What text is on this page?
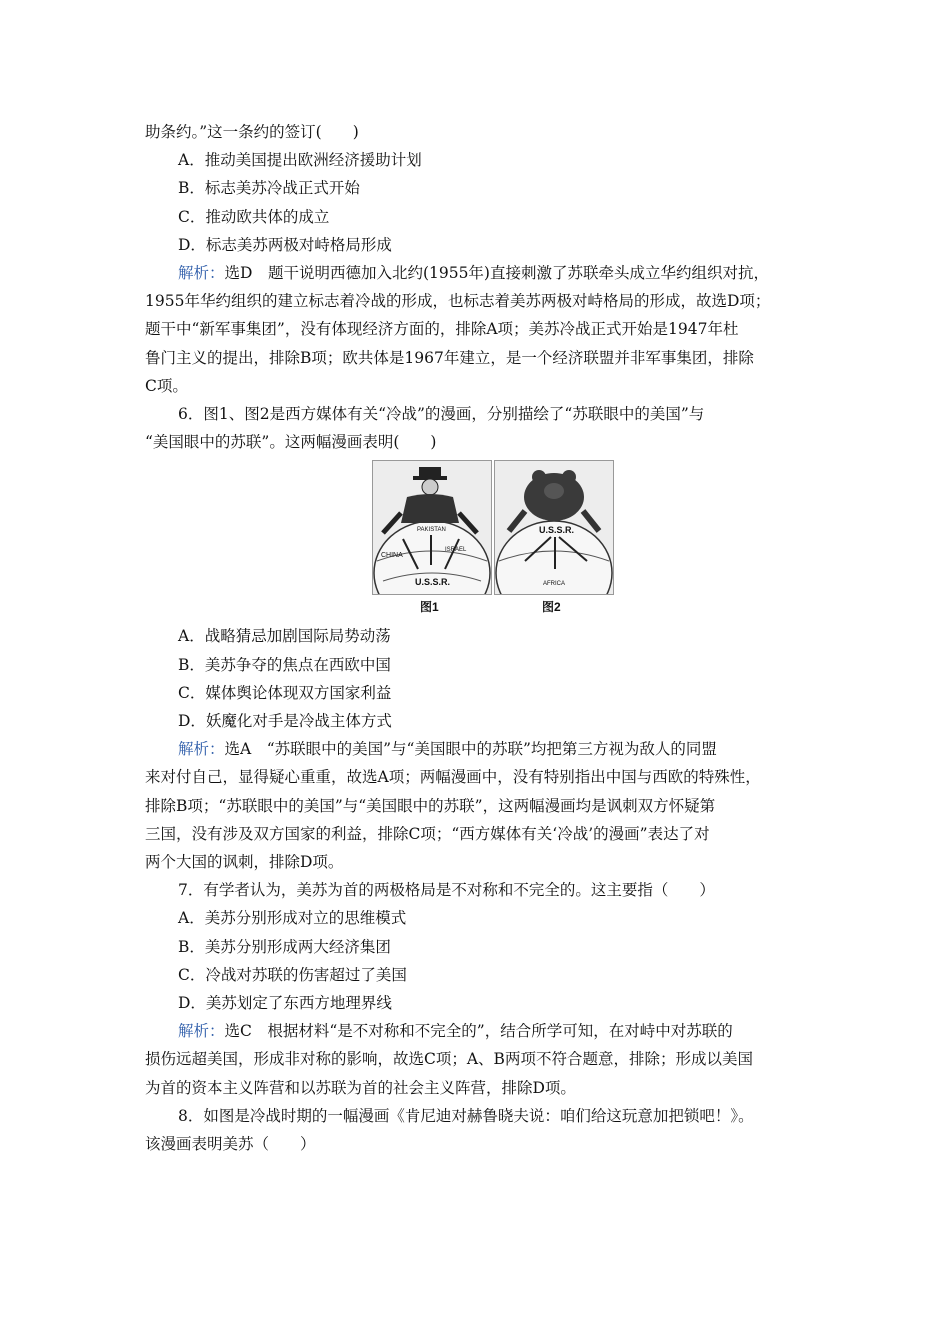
助条约。”这一条约的签订(　　)

A．推动美国提出欧洲经济援助计划

B．标志美苏冷战正式开始

C．推动欧共体的成立

D．标志美苏两极对峙格局形成

解析：选D　题干说明西德加入北约(1955年)直接刺激了苏联牵头成立华约组织对抗，

1955年华约组织的建立标志着冷战的形成，也标志着美苏两极对峙格局的形成，故选D项；

题干中“新军事集团”，没有体现经济方面的，排除A项；美苏冷战正式开始是1947年杜

鲁门主义的提出，排除B项；欧共体是1967年建立，是一个经济联盟并非军事集团，排除

C项。

6．图1、图2是西方媒体有关“冷战”的漫画，分别描绘了“苏联眼中的美国”与

“美国眼中的苏联”。这两幅漫画表明(　　)

CHINA
PAKISTAN
ISRAEL
U.S.S.R.
U.S.S.R.
AFRICA
图1	图2

A．战略猜忌加剧国际局势动荡

B．美苏争夺的焦点在西欧中国

C．媒体舆论体现双方国家利益

D．妖魔化对手是冷战主体方式

解析：选A　“苏联眼中的美国”与“美国眼中的苏联”均把第三方视为敌人的同盟

来对付自己，显得疑心重重，故选A项；两幅漫画中，没有特别指出中国与西欧的特殊性，

排除B项；“苏联眼中的美国”与“美国眼中的苏联”，这两幅漫画均是讽刺双方怀疑第

三国，没有涉及双方国家的利益，排除C项；“西方媒体有关‘冷战’的漫画”表达了对

两个大国的讽刺，排除D项。

7．有学者认为，美苏为首的两极格局是不对称和不完全的。这主要指（　　）

A．美苏分别形成对立的思维模式

B．美苏分别形成两大经济集团

C．冷战对苏联的伤害超过了美国

D．美苏划定了东西方地理界线

解析：选C　根据材料“是不对称和不完全的”，结合所学可知，在对峙中对苏联的

损伤远超美国，形成非对称的影响，故选C项；A、B两项不符合题意，排除；形成以美国

为首的资本主义阵营和以苏联为首的社会主义阵营，排除D项。

8．如图是冷战时期的一幅漫画《肯尼迪对赫鲁晓夫说：咱们给这玩意加把锁吧！》。

该漫画表明美苏（　　）
